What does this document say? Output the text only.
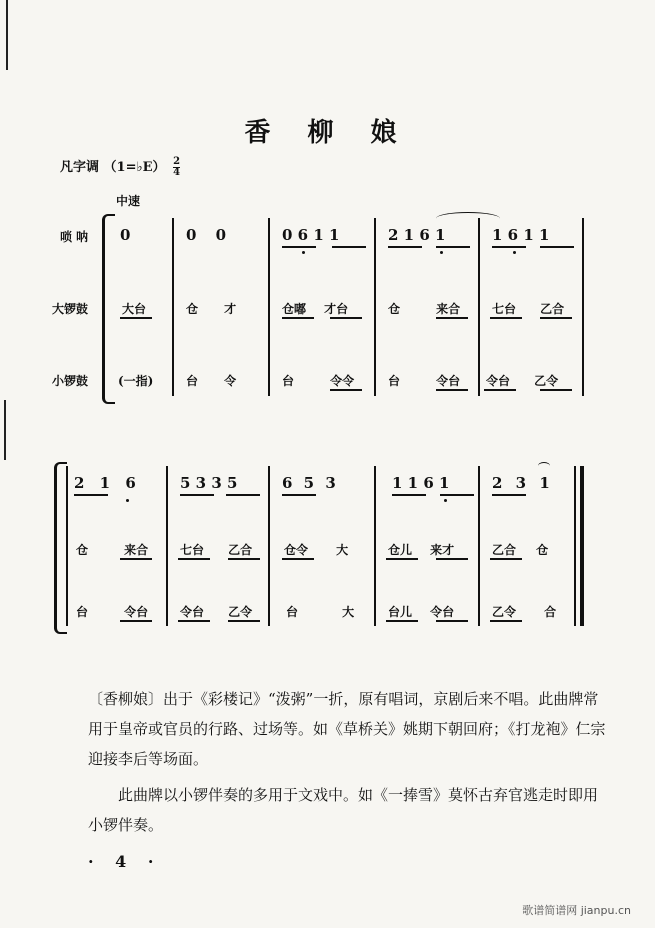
香 柳 娘
凡字调 （1=♭E） $\frac{2}{4}$
中速
唢 呐
大锣鼓
小锣鼓
0	0 0	0 6 1 1	2 1 6 1	1 6 1 1
大台	仓 才	仓嘟 才台	仓 来合	七台 乙合
(一指)	台 令	台 令令	台 令台 令台 乙令
2 1 6	5 3 3 5	6 5 3	1 1 6 1	2 3 1
仓 来合	七台 乙合	仓令 大	仓儿 来才	乙合 仓
台 令台	令台 乙令	台 大	台儿 令台	乙令 合
〔香柳娘〕出于《彩楼记》“泼粥”一折，原有唱词，京剧后来不唱。此曲牌常用于皇帝或官员的行路、过场等。如《草桥关》姚期下朝回府；《打龙袍》仁宗迎接李后等场面。
此曲牌以小锣伴奏的多用于文戏中。如《一捧雪》莫怀古弃官逃走时即用小锣伴奏。
· 4 ·
歌谱简谱网 jianpu.cn
